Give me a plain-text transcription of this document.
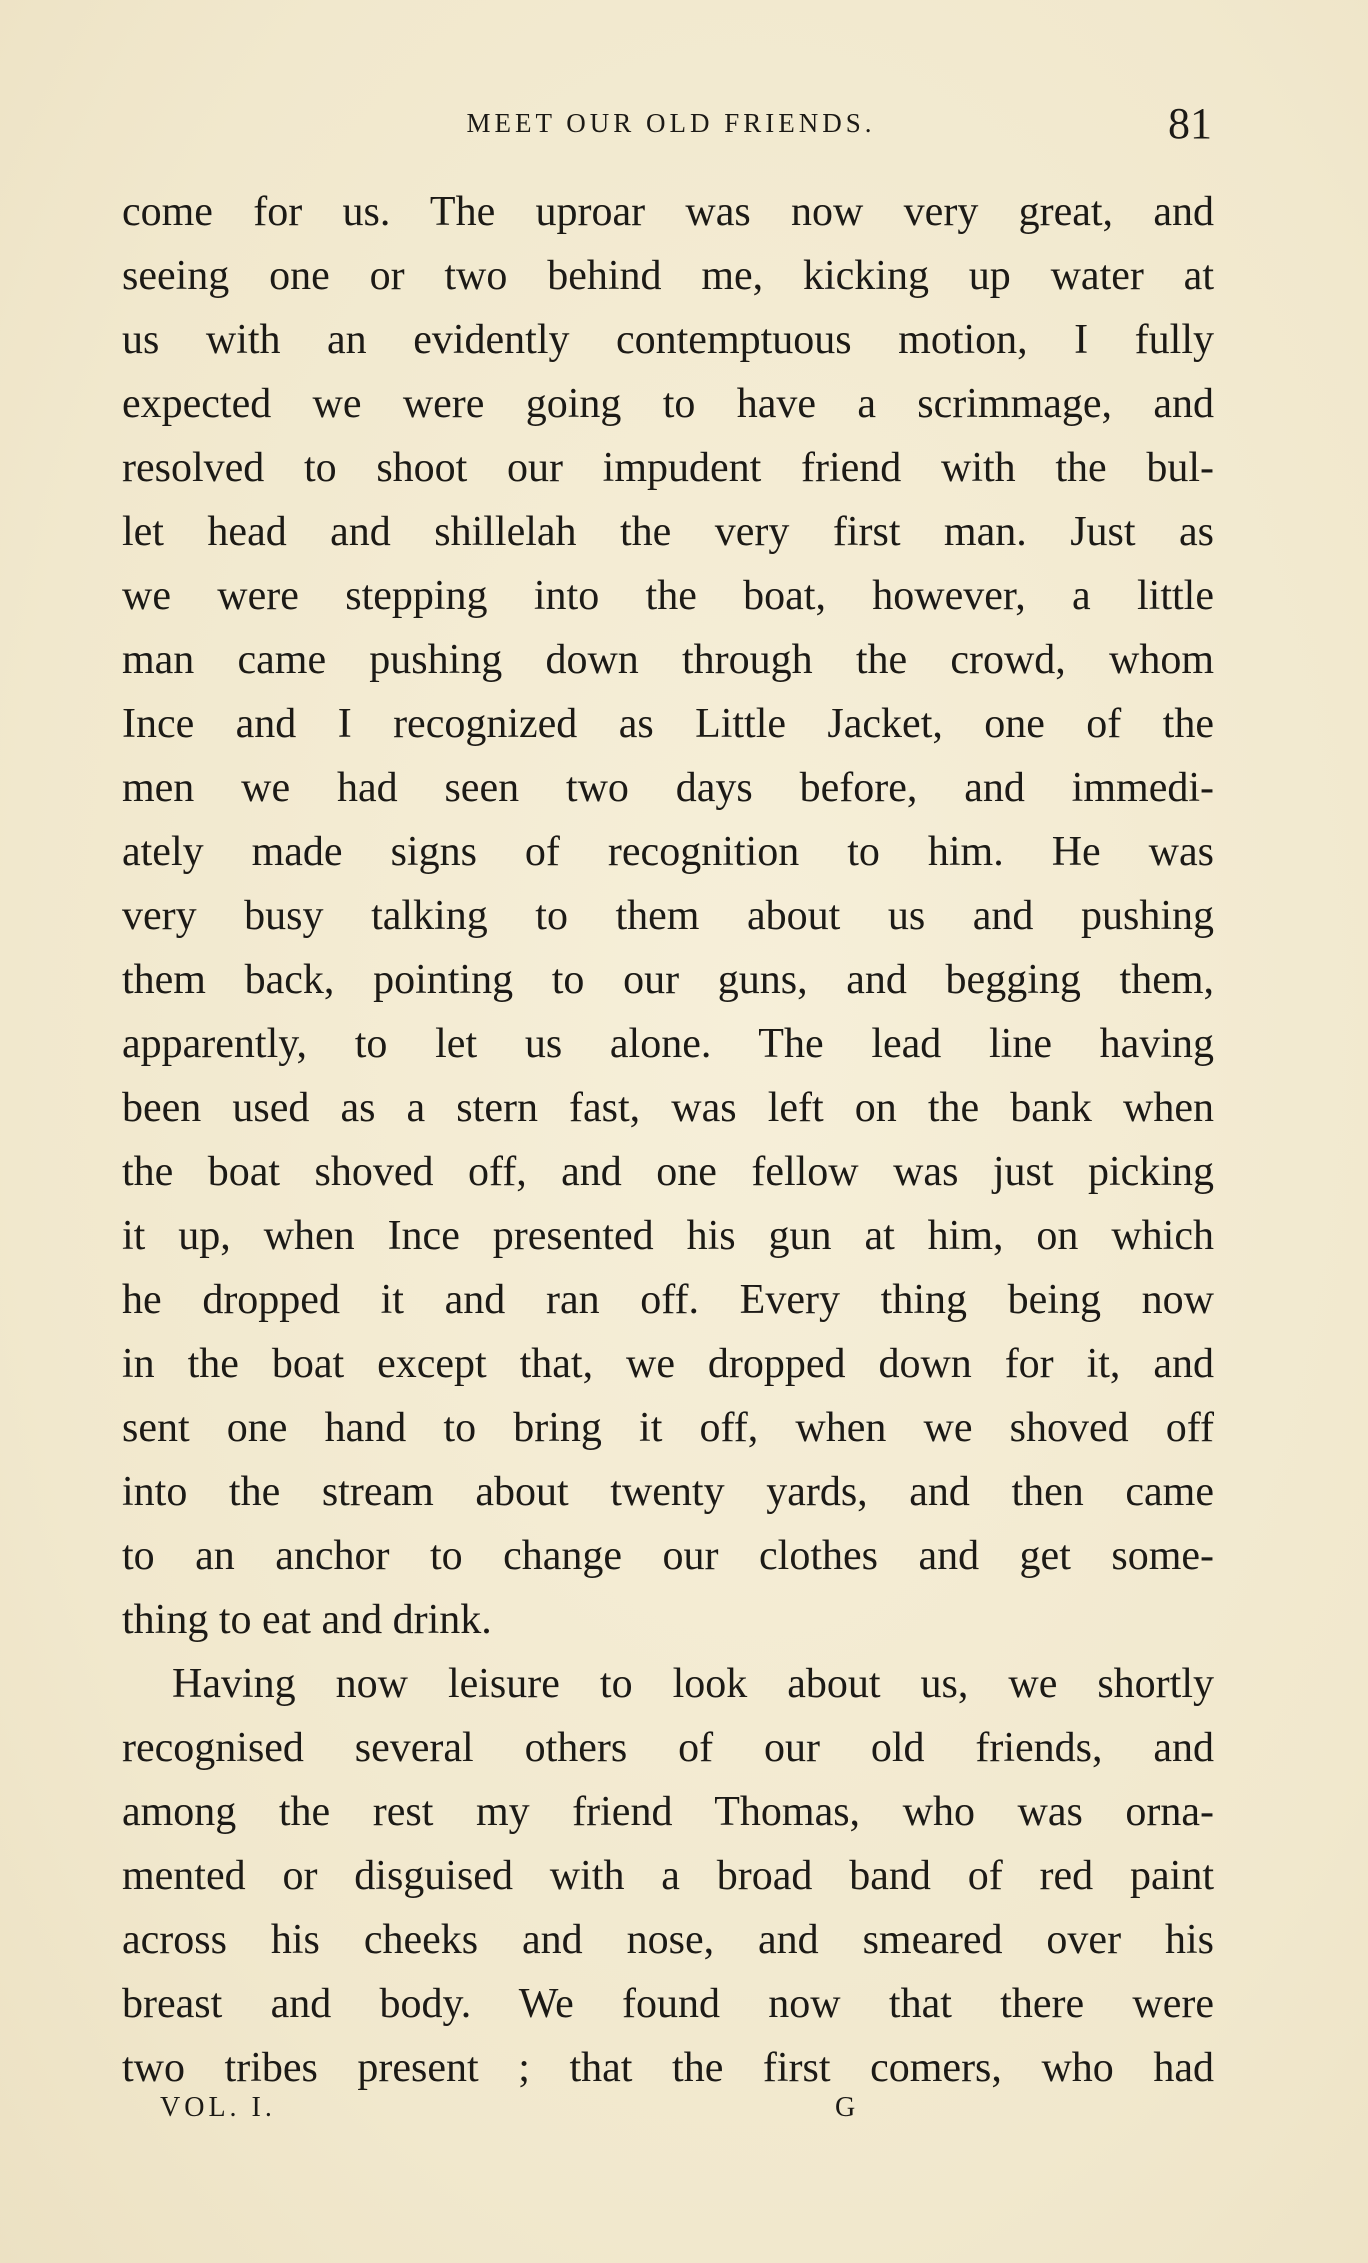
MEET OUR OLD FRIENDS.	81
come for us. The uproar was now very great, and
seeing one or two behind me, kicking up water at
us with an evidently contemptuous motion, I fully
expected we were going to have a scrimmage, and
resolved to shoot our impudent friend with the bul-
let head and shillelah the very first man. Just as
we were stepping into the boat, however, a little
man came pushing down through the crowd, whom
Ince and I recognized as Little Jacket, one of the
men we had seen two days before, and immedi-
ately made signs of recognition to him. He was
very busy talking to them about us and pushing
them back, pointing to our guns, and begging them,
apparently, to let us alone. The lead line having
been used as a stern fast, was left on the bank when
the boat shoved off, and one fellow was just picking
it up, when Ince presented his gun at him, on which
he dropped it and ran off. Every thing being now
in the boat except that, we dropped down for it, and
sent one hand to bring it off, when we shoved off
into the stream about twenty yards, and then came
to an anchor to change our clothes and get some-
thing to eat and drink.
Having now leisure to look about us, we shortly
recognised several others of our old friends, and
among the rest my friend Thomas, who was orna-
mented or disguised with a broad band of red paint
across his cheeks and nose, and smeared over his
breast and body. We found now that there were
two tribes present ; that the first comers, who had
VOL. I.	G
